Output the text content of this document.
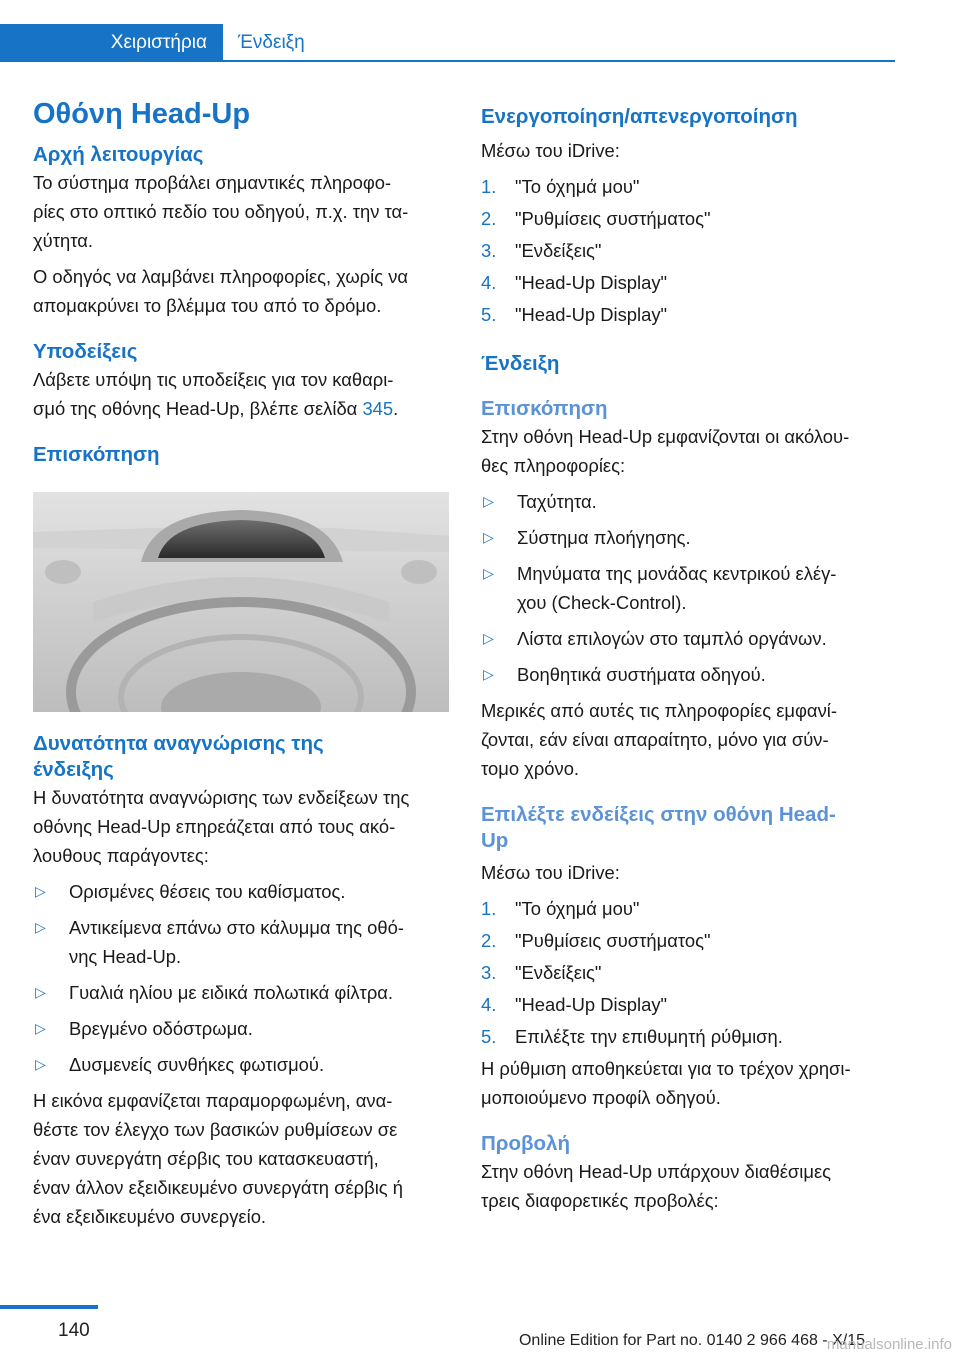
Χειριστήρια	Ένδειξη
Οθόνη Head-Up
Αρχή λειτουργίας

Το σύστημα προβάλει σημαντικές πληροφο-
ρίες στο οπτικό πεδίο του οδηγού, π.χ. την τα-
χύτητα.

Ο οδηγός να λαμβάνει πληροφορίες, χωρίς να
απομακρύνει το βλέμμα του από το δρόμο.

Υποδείξεις

Λάβετε υπόψη τις υποδείξεις για τον καθαρι-
σμό της οθόνης Head-Up, βλέπε σελίδα 345.

Επισκόπηση
Δυνατότητα αναγνώρισης της
ένδειξης

Η δυνατότητα αναγνώρισης των ενδείξεων της
οθόνης Head-Up επηρεάζεται από τους ακό-
λουθους παράγοντες:

▷	Ορισμένες θέσεις του καθίσματος.
▷	Αντικείμενα επάνω στο κάλυμμα της οθό-
νης Head-Up.
▷	Γυαλιά ηλίου με ειδικά πολωτικά φίλτρα.
▷	Βρεγμένο οδόστρωμα.
▷	Δυσμενείς συνθήκες φωτισμού.

Η εικόνα εμφανίζεται παραμορφωμένη, ανα-
θέστε τον έλεγχο των βασικών ρυθμίσεων σε
έναν συνεργάτη σέρβις του κατασκευαστή,
έναν άλλον εξειδικευμένο συνεργάτη σέρβις ή
ένα εξειδικευμένο συνεργείο.

Ενεργοποίηση/απενεργοποίηση

Μέσω του iDrive:

1.	"Το όχημά μου"
2.	"Ρυθμίσεις συστήματος"
3.	"Ενδείξεις"
4.	"Head-Up Display"
5.	"Head-Up Display"
Ένδειξη
Επισκόπηση

Στην οθόνη Head-Up εμφανίζονται οι ακόλου-
θες πληροφορίες:

▷	Ταχύτητα.
▷	Σύστημα πλοήγησης.
▷	Μηνύματα της μονάδας κεντρικού ελέγ-
χου (Check-Control).
▷	Λίστα επιλογών στο ταμπλό οργάνων.
▷	Βοηθητικά συστήματα οδηγού.

Μερικές από αυτές τις πληροφορίες εμφανί-
ζονται, εάν είναι απαραίτητο, μόνο για σύν-
τομο χρόνο.

Επιλέξτε ενδείξεις στην οθόνη Head-
Up

Μέσω του iDrive:

1.	"Το όχημά μου"
2.	"Ρυθμίσεις συστήματος"
3.	"Ενδείξεις"
4.	"Head-Up Display"
5.	Επιλέξτε την επιθυμητή ρύθμιση.

Η ρύθμιση αποθηκεύεται για το τρέχον χρησι-
μοποιούμενο προφίλ οδηγού.

Προβολή

Στην οθόνη Head-Up υπάρχουν διαθέσιμες
τρεις διαφορετικές προβολές:

140	Online Edition for Part no. 0140 2 966 468 - X/15
manualsonline.info
